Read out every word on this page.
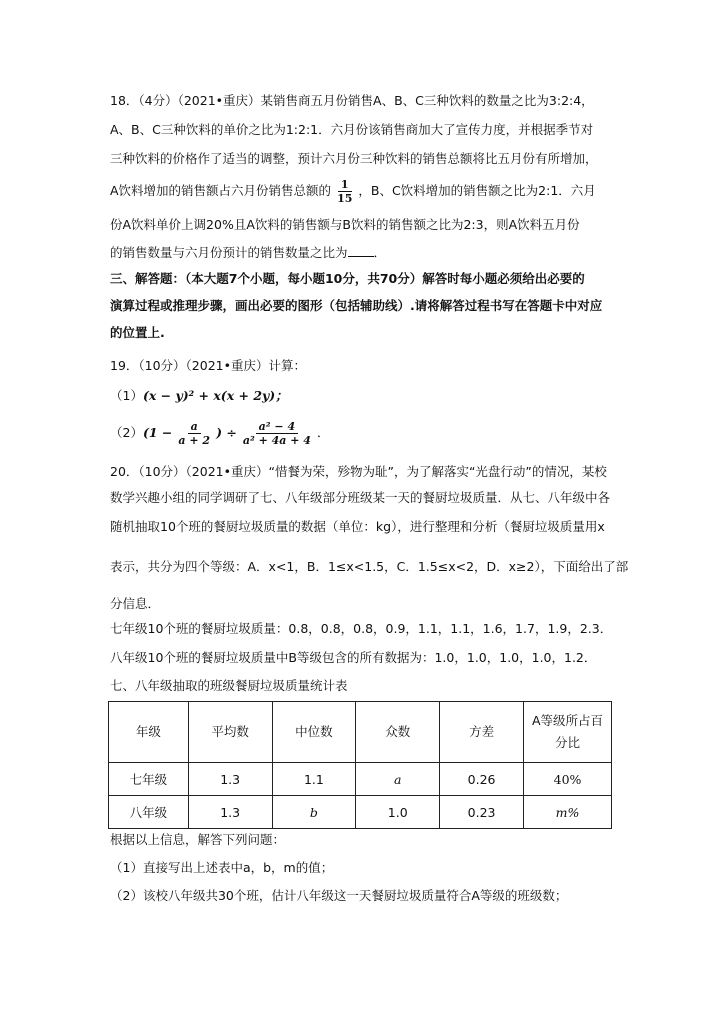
18．（4分）（2021•重庆）某销售商五月份销售A、B、C三种饮料的数量之比为3:2:4，
A、B、C三种饮料的单价之比为1:2:1．六月份该销售商加大了宣传力度，并根据季节对
三种饮料的价格作了适当的调整，预计六月份三种饮料的销售总额将比五月份有所增加，
A饮料增加的销售额占六月份销售总额的 $\frac{1}{15}$ ，B、C饮料增加的销售额之比为2:1．六月
份A饮料单价上调20%且A饮料的销售额与B饮料的销售额之比为2:3，则A饮料五月份
的销售数量与六月份预计的销售数量之比为 ．
三、解答题：（本大题7个小题，每小题10分，共70分）解答时每小题必须给出必要的
演算过程或推理步骤，画出必要的图形（包括辅助线）.请将解答过程书写在答题卡中对应
的位置上.
19．（10分）（2021•重庆）计算：
（1）(x − y)² + x(x + 2y)；
$(2)(1 - \frac{a}{a + 2}$ ) ÷ $\frac{\text{a² − 4}}{\text{a² + 4a + 4}}$ ．
20．（10分）（2021•重庆）“惜餐为荣，殄物为耻”，为了解落实“光盘行动”的情况，某校
数学兴趣小组的同学调研了七、八年级部分班级某一天的餐厨垃圾质量．从七、八年级中各
随机抽取10个班的餐厨垃圾质量的数据（单位：kg），进行整理和分析（餐厨垃圾质量用x
表示，共分为四个等级：A．x<1，B．1≤x<1.5，C．1.5≤x<2，D．x≥2），下面给出了部
分信息．
七年级10个班的餐厨垃圾质量：0.8，0.8，0.8，0.9，1.1，1.1，1.6，1.7，1.9，2.3．
八年级10个班的餐厨垃圾质量中B等级包含的所有数据为：1.0，1.0，1.0，1.0，1.2．
七、八年级抽取的班级餐厨垃圾质量统计表
年级	平均数	中位数	众数	方差	A等级所占百
分比

七年级	1.3	1.1	a	0.26	40%
八年级	1.3	b	1.0	0.23	m%
根据以上信息，解答下列问题：
（1）直接写出上述表中a，b，m的值；
（2）该校八年级共30个班，估计八年级这一天餐厨垃圾质量符合A等级的班级数；
